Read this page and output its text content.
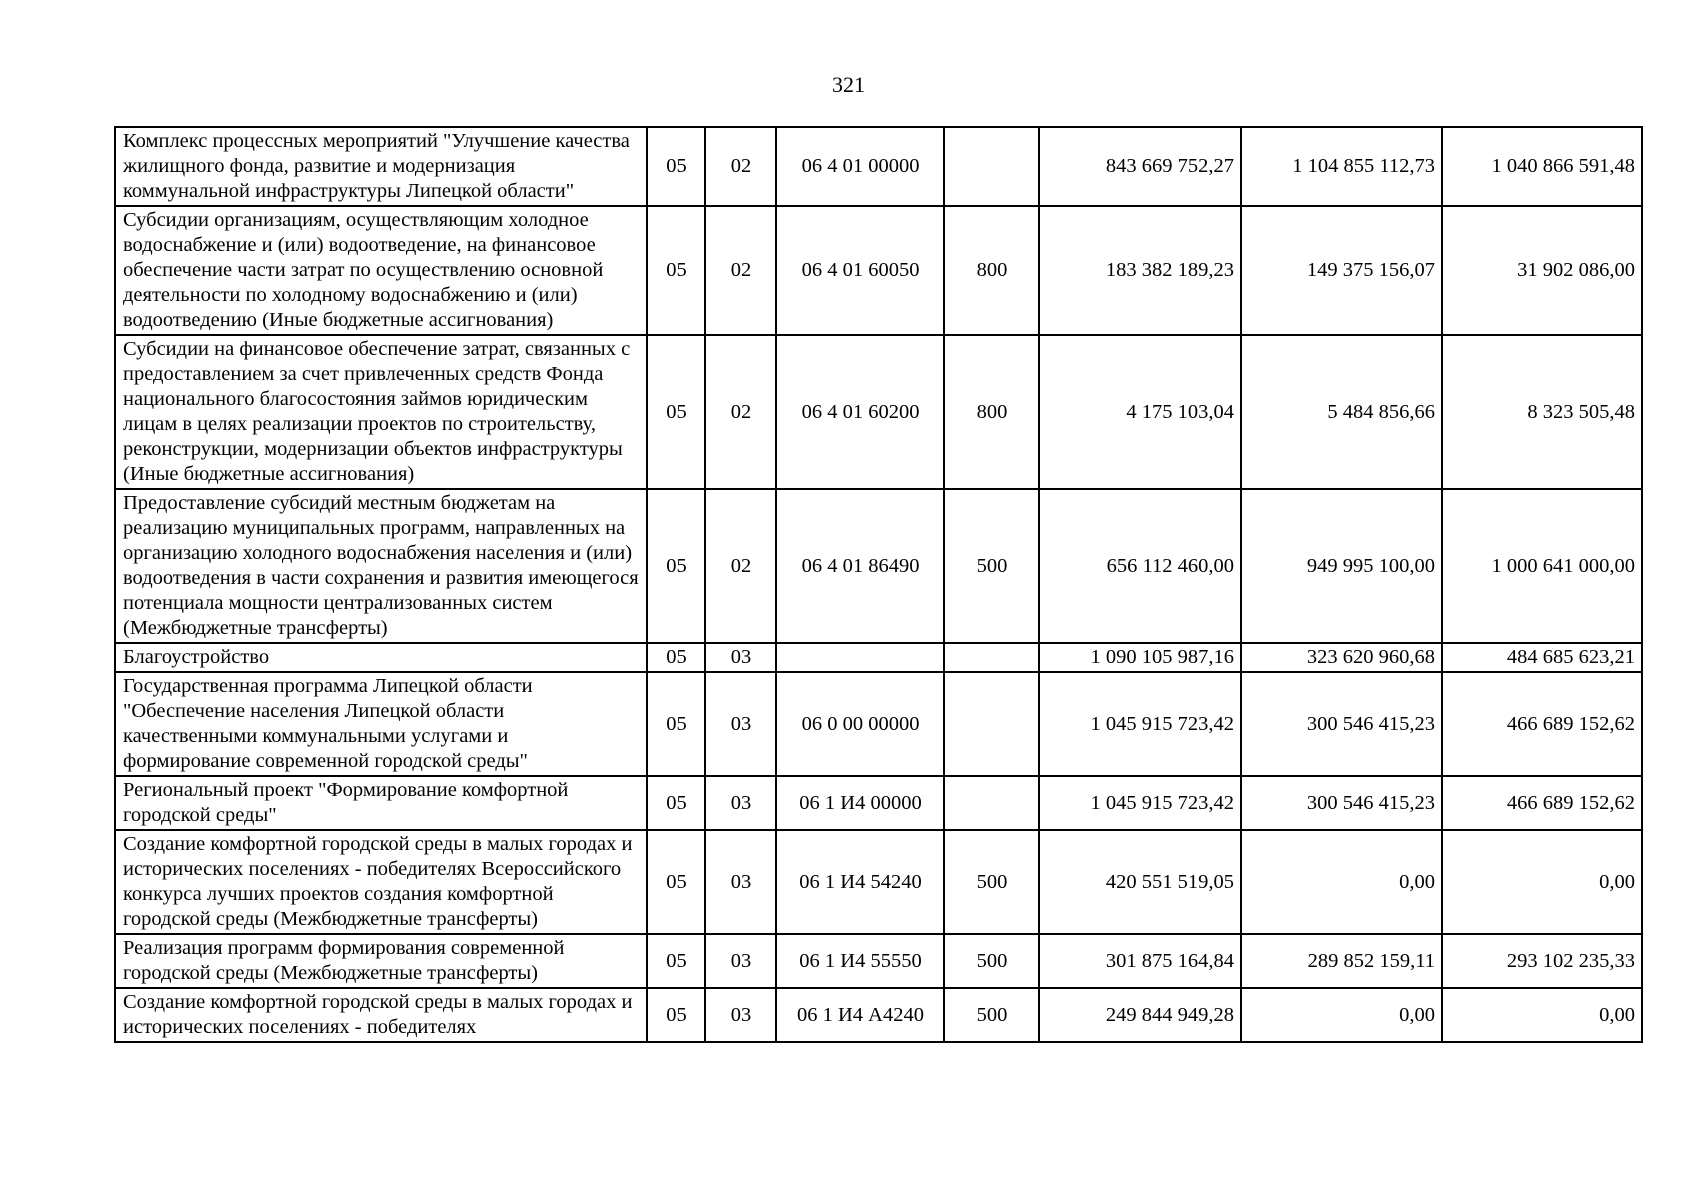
321
Комплекс процессных мероприятий "Улучшение качества жилищного фонда, развитие и модернизация коммунальной инфраструктуры Липецкой области"	05	02	06 4 01 00000		843 669 752,27	1 104 855 112,73	1 040 866 591,48
Субсидии организациям, осуществляющим холодное водоснабжение и (или) водоотведение, на финансовое обеспечение части затрат по осуществлению основной деятельности по холодному водоснабжению и (или) водоотведению (Иные бюджетные ассигнования)	05	02	06 4 01 60050	800	183 382 189,23	149 375 156,07	31 902 086,00
Субсидии на финансовое обеспечение затрат, связанных с предоставлением за счет привлеченных средств Фонда национального благосостояния займов юридическим лицам в целях реализации проектов по строительству, реконструкции, модернизации объектов инфраструктуры (Иные бюджетные ассигнования)	05	02	06 4 01 60200	800	4 175 103,04	5 484 856,66	8 323 505,48
Предоставление субсидий местным бюджетам на реализацию муниципальных программ, направленных на организацию холодного водоснабжения населения и (или) водоотведения в части сохранения и развития имеющегося потенциала мощности централизованных систем (Межбюджетные трансферты)	05	02	06 4 01 86490	500	656 112 460,00	949 995 100,00	1 000 641 000,00
Благоустройство	05	03			1 090 105 987,16	323 620 960,68	484 685 623,21
Государственная программа Липецкой области "Обеспечение населения Липецкой области качественными коммунальными услугами и формирование современной городской среды"	05	03	06 0 00 00000		1 045 915 723,42	300 546 415,23	466 689 152,62
Региональный проект "Формирование комфортной городской среды"	05	03	06 1 И4 00000		1 045 915 723,42	300 546 415,23	466 689 152,62
Создание комфортной городской среды в малых городах и исторических поселениях - победителях Всероссийского конкурса лучших проектов создания комфортной городской среды (Межбюджетные трансферты)	05	03	06 1 И4 54240	500	420 551 519,05	0,00	0,00
Реализация программ формирования современной городской среды (Межбюджетные трансферты)	05	03	06 1 И4 55550	500	301 875 164,84	289 852 159,11	293 102 235,33
Создание комфортной городской среды в малых городах и исторических поселениях - победителях	05	03	06 1 И4 А4240	500	249 844 949,28	0,00	0,00
